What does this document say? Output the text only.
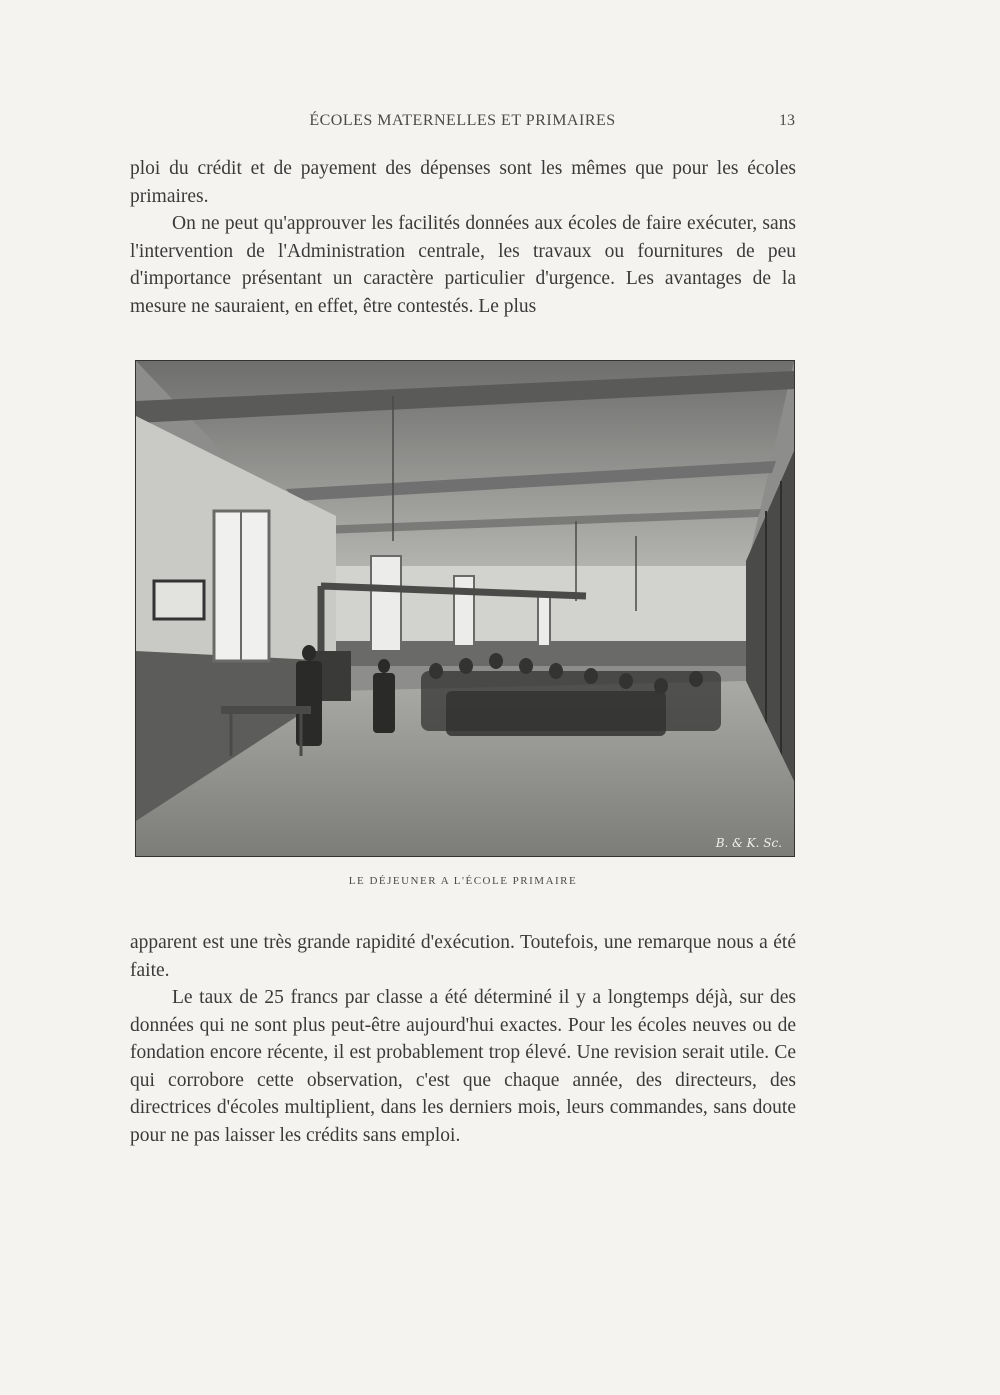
ÉCOLES MATERNELLES ET PRIMAIRES	13

ploi du crédit et de payement des dépenses sont les mêmes que pour les écoles primaires.

On ne peut qu'approuver les facilités données aux écoles de faire exécuter, sans l'intervention de l'Administration centrale, les travaux ou fournitures de peu d'importance présentant un caractère particulier d'urgence. Les avantages de la mesure ne sauraient, en effet, être contestés. Le plus

B. & K. Sc.
LE DÉJEUNER A L'ÉCOLE PRIMAIRE

apparent est une très grande rapidité d'exécution. Toutefois, une remarque nous a été faite.

Le taux de 25 francs par classe a été déterminé il y a longtemps déjà, sur des données qui ne sont plus peut-être aujourd'hui exactes. Pour les écoles neuves ou de fondation encore récente, il est probablement trop élevé. Une revision serait utile. Ce qui corrobore cette observation, c'est que chaque année, des directeurs, des directrices d'écoles multiplient, dans les derniers mois, leurs commandes, sans doute pour ne pas laisser les crédits sans emploi.
